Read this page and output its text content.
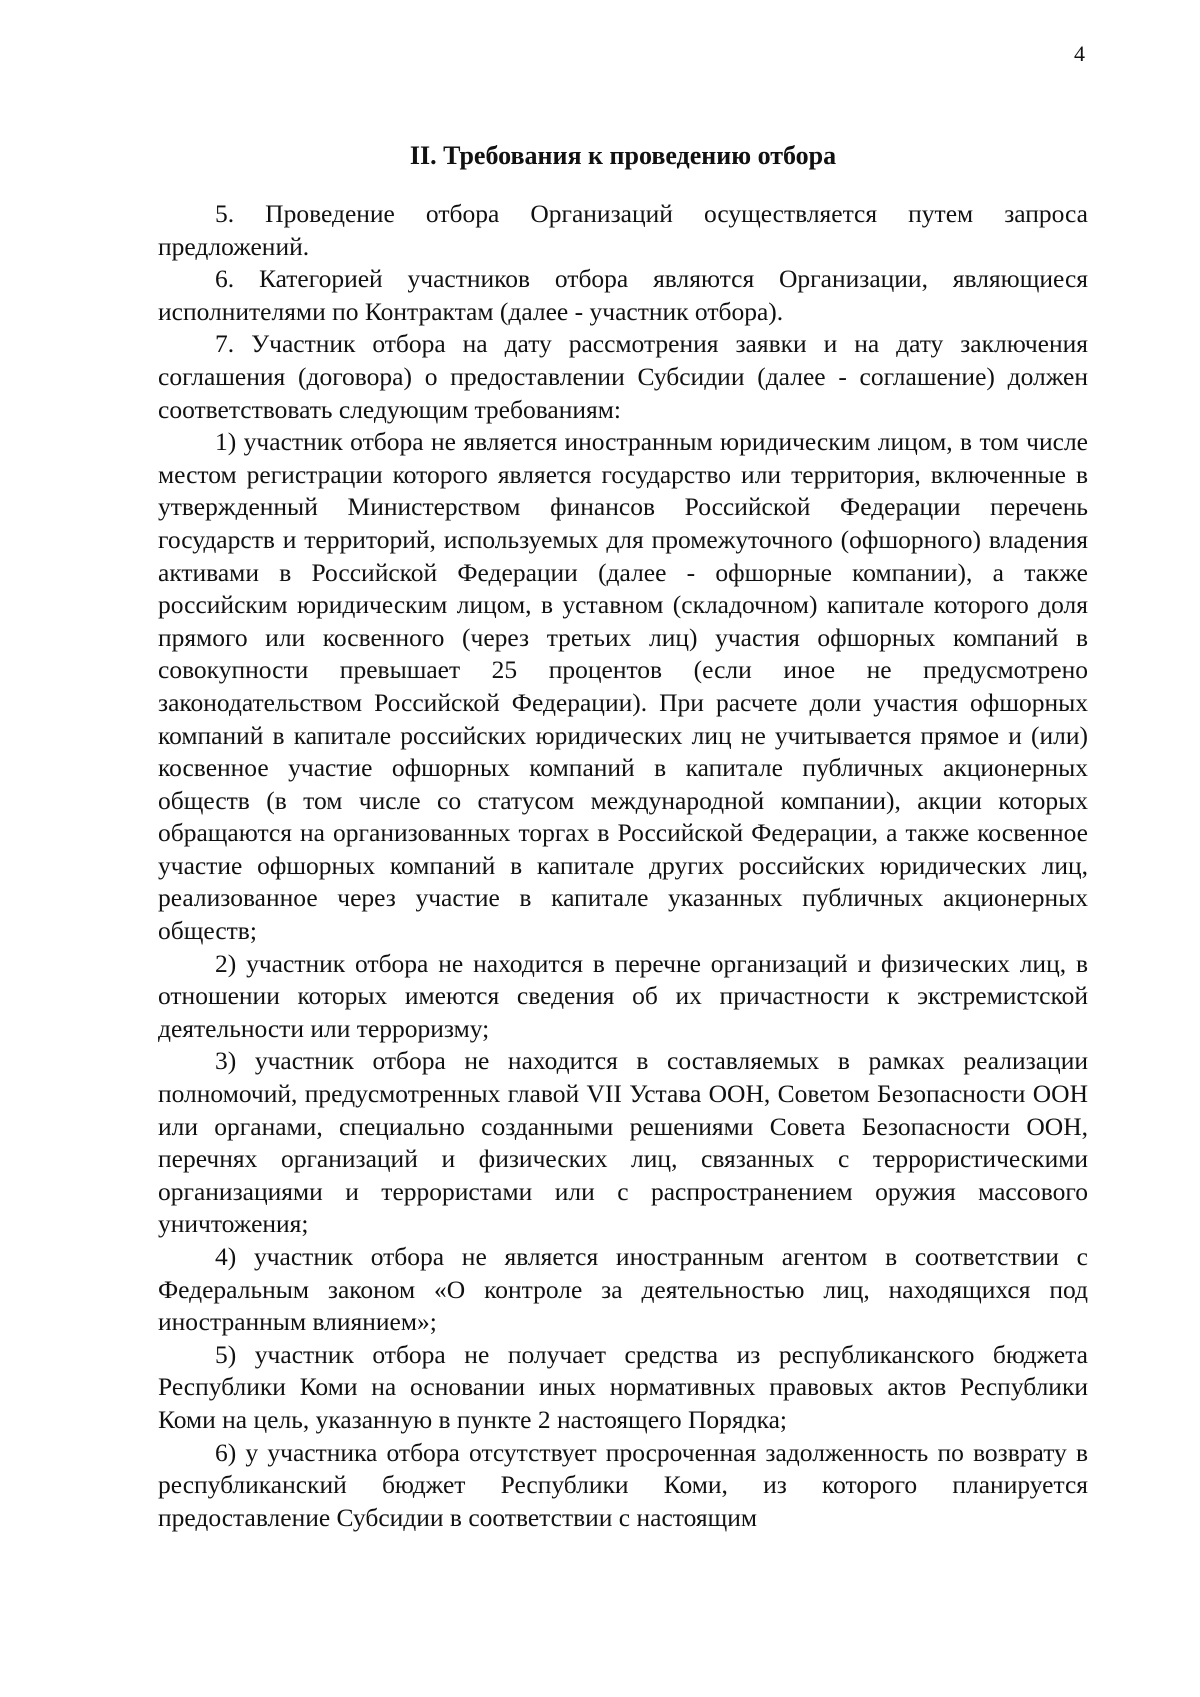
4
II. Требования к проведению отбора

5. Проведение отбора Организаций осуществляется путем запроса предложений.

6. Категорией участников отбора являются Организации, являющиеся исполнителями по Контрактам (далее - участник отбора).

7. Участник отбора на дату рассмотрения заявки и на дату заключения соглашения (договора) о предоставлении Субсидии (далее - соглашение) должен соответствовать следующим требованиям:

1) участник отбора не является иностранным юридическим лицом, в том числе местом регистрации которого является государство или территория, включенные в утвержденный Министерством финансов Российской Федерации перечень государств и территорий, используемых для промежуточного (офшорного) владения активами в Российской Федерации (далее - офшорные компании), а также российским юридическим лицом, в уставном (складочном) капитале которого доля прямого или косвенного (через третьих лиц) участия офшорных компаний в совокупности превышает 25 процентов (если иное не предусмотрено законодательством Российской Федерации). При расчете доли участия офшорных компаний в капитале российских юридических лиц не учитывается прямое и (или) косвенное участие офшорных компаний в капитале публичных акционерных обществ (в том числе со статусом международной компании), акции которых обращаются на организованных торгах в Российской Федерации, а также косвенное участие офшорных компаний в капитале других российских юридических лиц, реализованное через участие в капитале указанных публичных акционерных обществ;

2) участник отбора не находится в перечне организаций и физических лиц, в отношении которых имеются сведения об их причастности к экстремистской деятельности или терроризму;

3) участник отбора не находится в составляемых в рамках реализации полномочий, предусмотренных главой VII Устава ООН, Советом Безопасности ООН или органами, специально созданными решениями Совета Безопасности ООН, перечнях организаций и физических лиц, связанных с террористическими организациями и террористами или с распространением оружия массового уничтожения;

4) участник отбора не является иностранным агентом в соответствии с Федеральным законом «О контроле за деятельностью лиц, находящихся под иностранным влиянием»;

5) участник отбора не получает средства из республиканского бюджета Республики Коми на основании иных нормативных правовых актов Республики Коми на цель, указанную в пункте 2 настоящего Порядка;

6) у участника отбора отсутствует просроченная задолженность по возврату в республиканский бюджет Республики Коми, из которого планируется предоставление Субсидии в соответствии с настоящим
